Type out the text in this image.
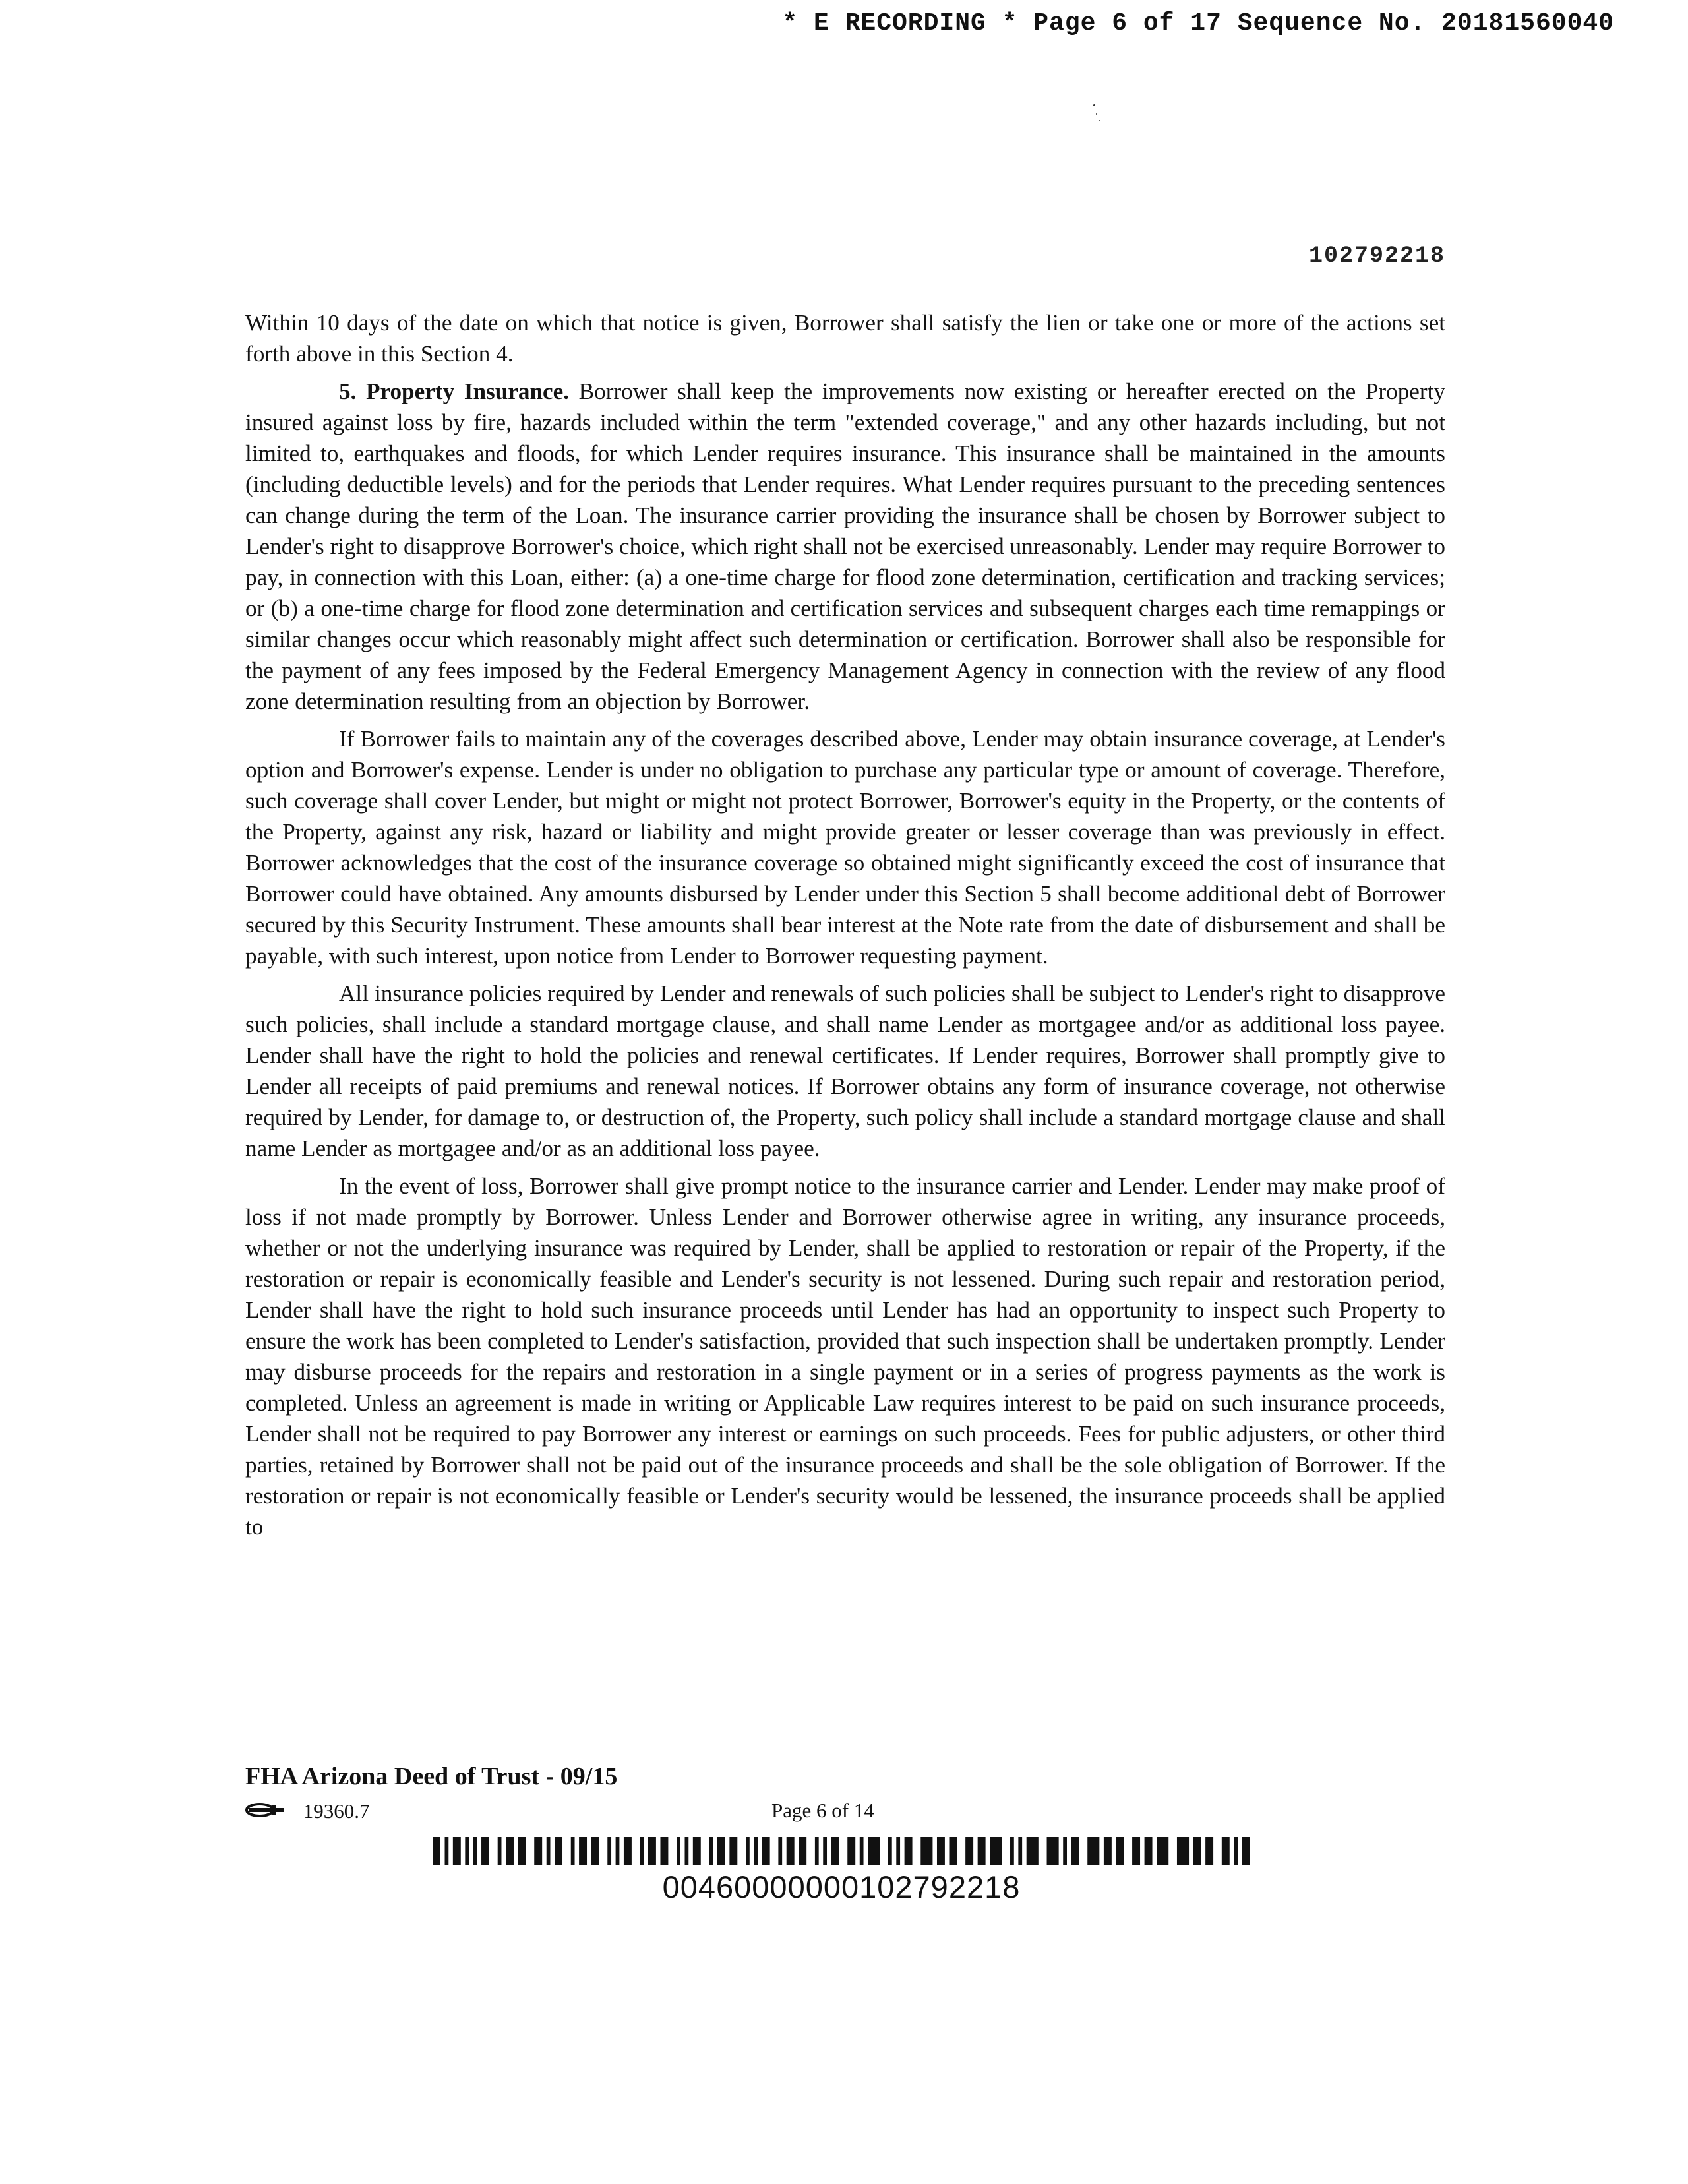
* E RECORDING * Page 6 of 17 Sequence No. 20181560040
102792218

Within 10 days of the date on which that notice is given, Borrower shall satisfy the lien or take one or more of the actions set forth above in this Section 4.

5. Property Insurance. Borrower shall keep the improvements now existing or hereafter erected on the Property insured against loss by fire, hazards included within the term "extended coverage," and any other hazards including, but not limited to, earthquakes and floods, for which Lender requires insurance. This insurance shall be maintained in the amounts (including deductible levels) and for the periods that Lender requires. What Lender requires pursuant to the preceding sentences can change during the term of the Loan. The insurance carrier providing the insurance shall be chosen by Borrower subject to Lender's right to disapprove Borrower's choice, which right shall not be exercised unreasonably. Lender may require Borrower to pay, in connection with this Loan, either: (a) a one-time charge for flood zone determination, certification and tracking services; or (b) a one-time charge for flood zone determination and certification services and subsequent charges each time remappings or similar changes occur which reasonably might affect such determination or certification. Borrower shall also be responsible for the payment of any fees imposed by the Federal Emergency Management Agency in connection with the review of any flood zone determination resulting from an objection by Borrower.

If Borrower fails to maintain any of the coverages described above, Lender may obtain insurance coverage, at Lender's option and Borrower's expense. Lender is under no obligation to purchase any particular type or amount of coverage. Therefore, such coverage shall cover Lender, but might or might not protect Borrower, Borrower's equity in the Property, or the contents of the Property, against any risk, hazard or liability and might provide greater or lesser coverage than was previously in effect. Borrower acknowledges that the cost of the insurance coverage so obtained might significantly exceed the cost of insurance that Borrower could have obtained. Any amounts disbursed by Lender under this Section 5 shall become additional debt of Borrower secured by this Security Instrument. These amounts shall bear interest at the Note rate from the date of disbursement and shall be payable, with such interest, upon notice from Lender to Borrower requesting payment.

All insurance policies required by Lender and renewals of such policies shall be subject to Lender's right to disapprove such policies, shall include a standard mortgage clause, and shall name Lender as mortgagee and/or as additional loss payee. Lender shall have the right to hold the policies and renewal certificates. If Lender requires, Borrower shall promptly give to Lender all receipts of paid premiums and renewal notices. If Borrower obtains any form of insurance coverage, not otherwise required by Lender, for damage to, or destruction of, the Property, such policy shall include a standard mortgage clause and shall name Lender as mortgagee and/or as an additional loss payee.

In the event of loss, Borrower shall give prompt notice to the insurance carrier and Lender. Lender may make proof of loss if not made promptly by Borrower. Unless Lender and Borrower otherwise agree in writing, any insurance proceeds, whether or not the underlying insurance was required by Lender, shall be applied to restoration or repair of the Property, if the restoration or repair is economically feasible and Lender's security is not lessened. During such repair and restoration period, Lender shall have the right to hold such insurance proceeds until Lender has had an opportunity to inspect such Property to ensure the work has been completed to Lender's satisfaction, provided that such inspection shall be undertaken promptly. Lender may disburse proceeds for the repairs and restoration in a single payment or in a series of progress payments as the work is completed. Unless an agreement is made in writing or Applicable Law requires interest to be paid on such insurance proceeds, Lender shall not be required to pay Borrower any interest or earnings on such proceeds. Fees for public adjusters, or other third parties, retained by Borrower shall not be paid out of the insurance proceeds and shall be the sole obligation of Borrower. If the restoration or repair is not economically feasible or Lender's security would be lessened, the insurance proceeds shall be applied to

FHA Arizona Deed of Trust - 09/15
19360.7	Page 6 of 14
00460000000102792218
